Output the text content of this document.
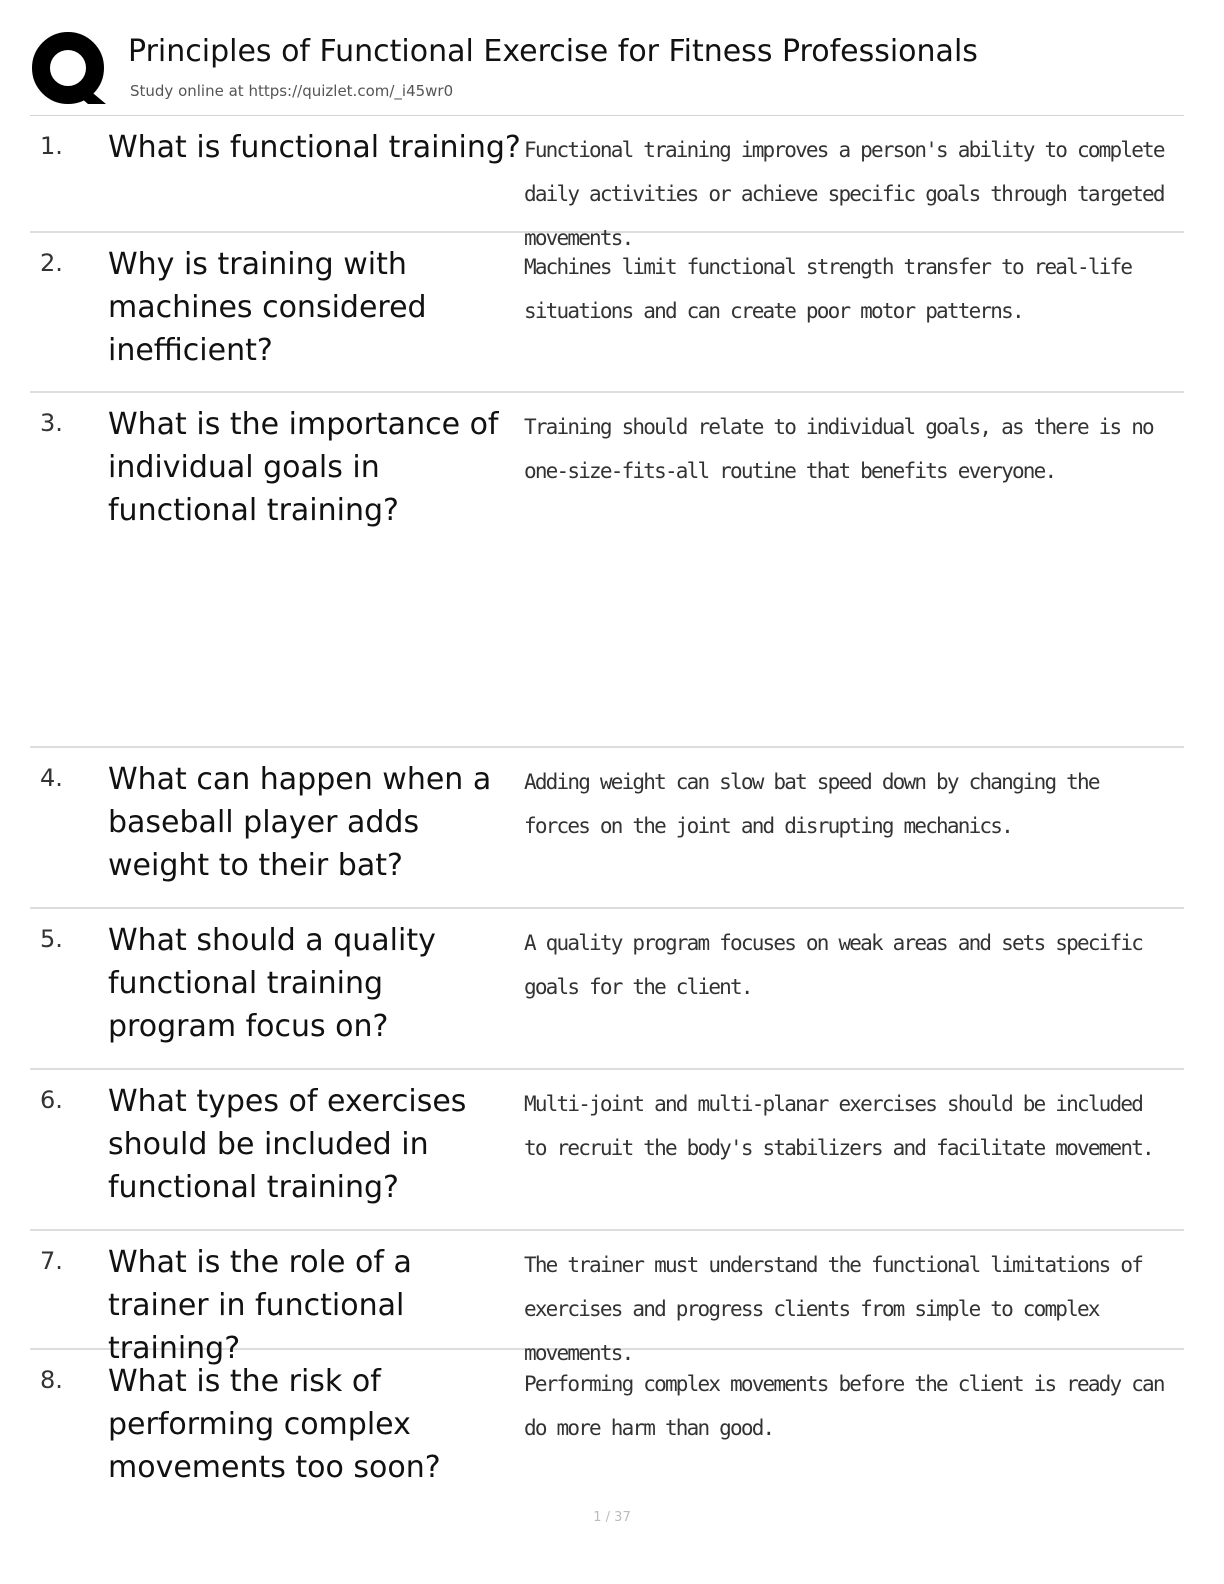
Principles of Functional Exercise for Fitness Professionals
Study online at https://quizlet.com/_i45wr0
1. What is functional training? Functional training improves a person's ability to complete daily activities or achieve specific goals through targeted movements.
2. Why is training with machines considered inefficient?
Machines limit functional strength transfer to real-life situations and can create poor motor patterns.
3. What is the importance of individual goals in functional training?
Training should relate to individual goals, as there is no one-size-fits-all routine that benefits everyone.
4. What can happen when a baseball player adds weight to their bat?
Adding weight can slow bat speed down by changing the forces on the joint and disrupting mechanics.
5. What should a quality functional training program focus on?
A quality program focuses on weak areas and sets specific goals for the client.
6. What types of exercises should be included in functional training?
Multi-joint and multi-planar exercises should be included to recruit the body's stabilizers and facilitate movement.
7. What is the role of a trainer in functional training?
The trainer must understand the functional limitations of exercises and progress clients from simple to complex movements.
8. What is the risk of performing complex movements too soon?
Performing complex movements before the client is ready can do more harm than good.
1 / 37
